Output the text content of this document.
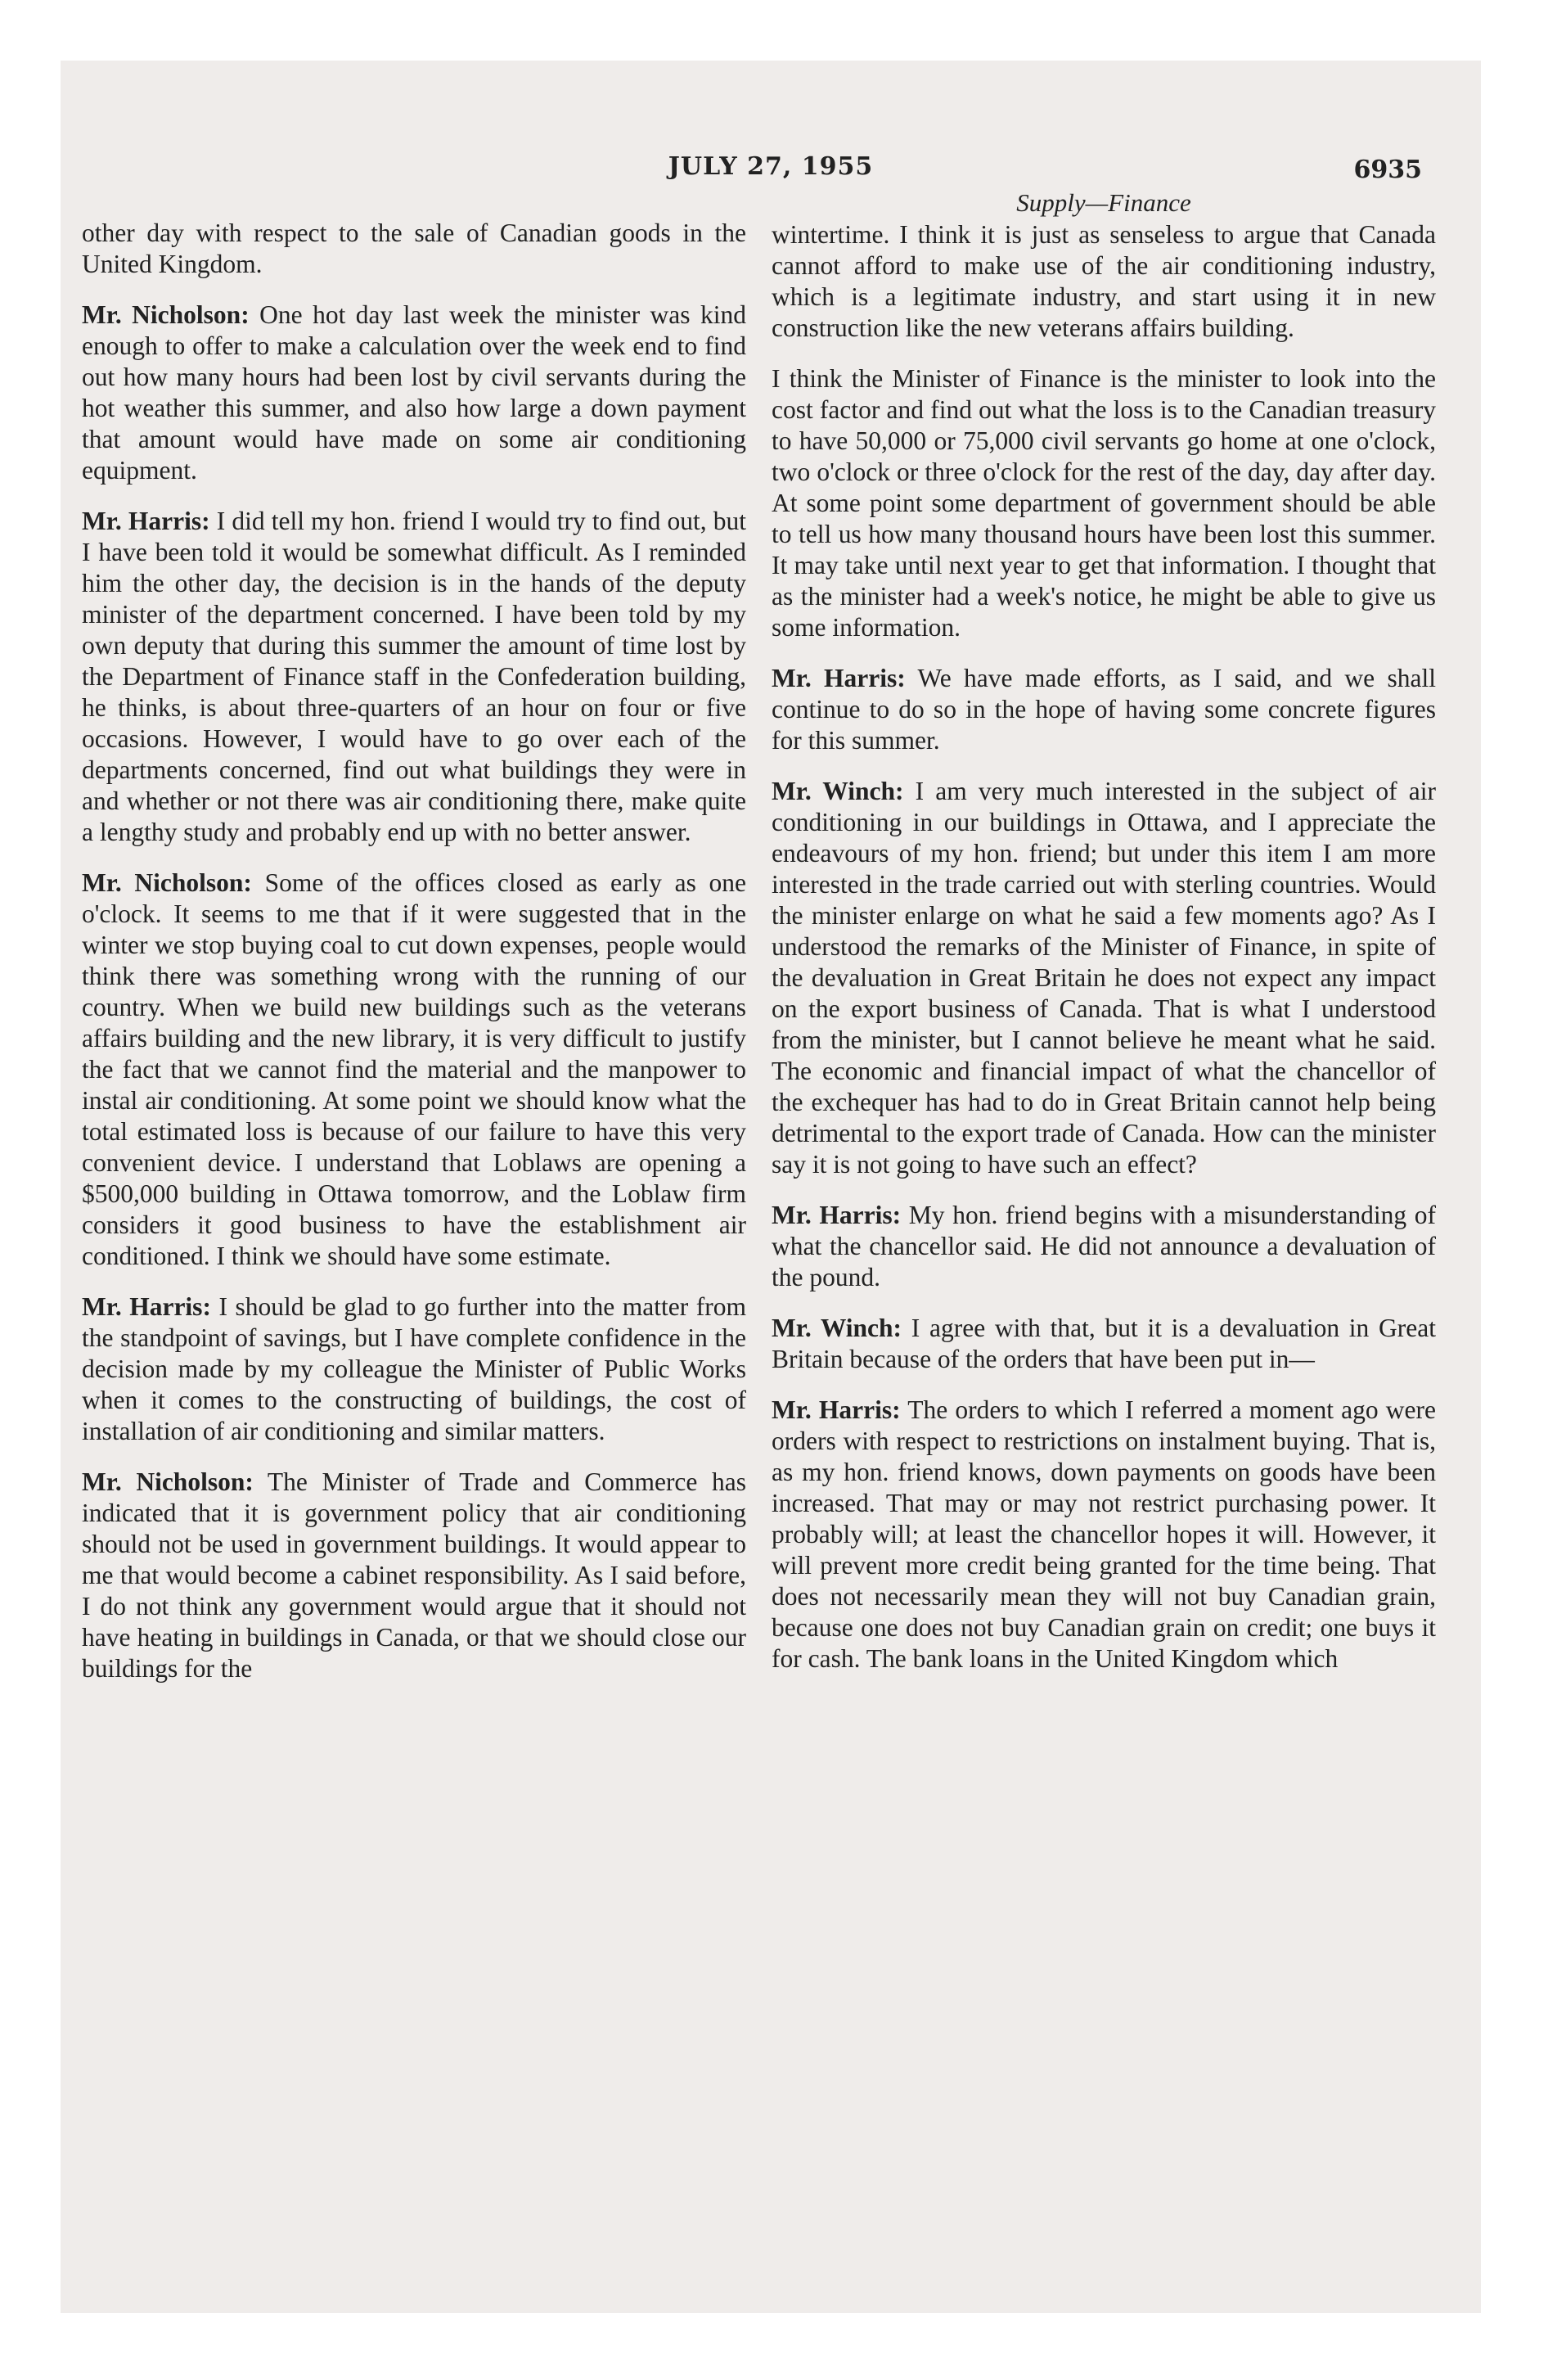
JULY 27, 1955	6935

other day with respect to the sale of Canadian goods in the United Kingdom.

Mr. Nicholson: One hot day last week the minister was kind enough to offer to make a calculation over the week end to find out how many hours had been lost by civil servants during the hot weather this summer, and also how large a down payment that amount would have made on some air conditioning equipment.

Mr. Harris: I did tell my hon. friend I would try to find out, but I have been told it would be somewhat difficult. As I reminded him the other day, the decision is in the hands of the deputy minister of the department concerned. I have been told by my own deputy that during this summer the amount of time lost by the Department of Finance staff in the Confederation building, he thinks, is about three-quarters of an hour on four or five occasions. However, I would have to go over each of the departments concerned, find out what buildings they were in and whether or not there was air conditioning there, make quite a lengthy study and probably end up with no better answer.

Mr. Nicholson: Some of the offices closed as early as one o'clock. It seems to me that if it were suggested that in the winter we stop buying coal to cut down expenses, people would think there was something wrong with the running of our country. When we build new buildings such as the veterans affairs building and the new library, it is very difficult to justify the fact that we cannot find the material and the manpower to instal air conditioning. At some point we should know what the total estimated loss is because of our failure to have this very convenient device. I understand that Loblaws are opening a $500,000 building in Ottawa tomorrow, and the Loblaw firm considers it good business to have the establishment air conditioned. I think we should have some estimate.

Mr. Harris: I should be glad to go further into the matter from the standpoint of savings, but I have complete confidence in the decision made by my colleague the Minister of Public Works when it comes to the constructing of buildings, the cost of installation of air conditioning and similar matters.

Mr. Nicholson: The Minister of Trade and Commerce has indicated that it is government policy that air conditioning should not be used in government buildings. It would appear to me that would become a cabinet responsibility. As I said before, I do not think any government would argue that it should not have heating in buildings in Canada, or that we should close our buildings for the

Supply—Finance

wintertime. I think it is just as senseless to argue that Canada cannot afford to make use of the air conditioning industry, which is a legitimate industry, and start using it in new construction like the new veterans affairs building.

I think the Minister of Finance is the minister to look into the cost factor and find out what the loss is to the Canadian treasury to have 50,000 or 75,000 civil servants go home at one o'clock, two o'clock or three o'clock for the rest of the day, day after day. At some point some department of government should be able to tell us how many thousand hours have been lost this summer. It may take until next year to get that information. I thought that as the minister had a week's notice, he might be able to give us some information.

Mr. Harris: We have made efforts, as I said, and we shall continue to do so in the hope of having some concrete figures for this summer.

Mr. Winch: I am very much interested in the subject of air conditioning in our buildings in Ottawa, and I appreciate the endeavours of my hon. friend; but under this item I am more interested in the trade carried out with sterling countries. Would the minister enlarge on what he said a few moments ago? As I understood the remarks of the Minister of Finance, in spite of the devaluation in Great Britain he does not expect any impact on the export business of Canada. That is what I understood from the minister, but I cannot believe he meant what he said. The economic and financial impact of what the chancellor of the exchequer has had to do in Great Britain cannot help being detrimental to the export trade of Canada. How can the minister say it is not going to have such an effect?

Mr. Harris: My hon. friend begins with a misunderstanding of what the chancellor said. He did not announce a devaluation of the pound.

Mr. Winch: I agree with that, but it is a devaluation in Great Britain because of the orders that have been put in—

Mr. Harris: The orders to which I referred a moment ago were orders with respect to restrictions on instalment buying. That is, as my hon. friend knows, down payments on goods have been increased. That may or may not restrict purchasing power. It probably will; at least the chancellor hopes it will. However, it will prevent more credit being granted for the time being. That does not necessarily mean they will not buy Canadian grain, because one does not buy Canadian grain on credit; one buys it for cash. The bank loans in the United Kingdom which
